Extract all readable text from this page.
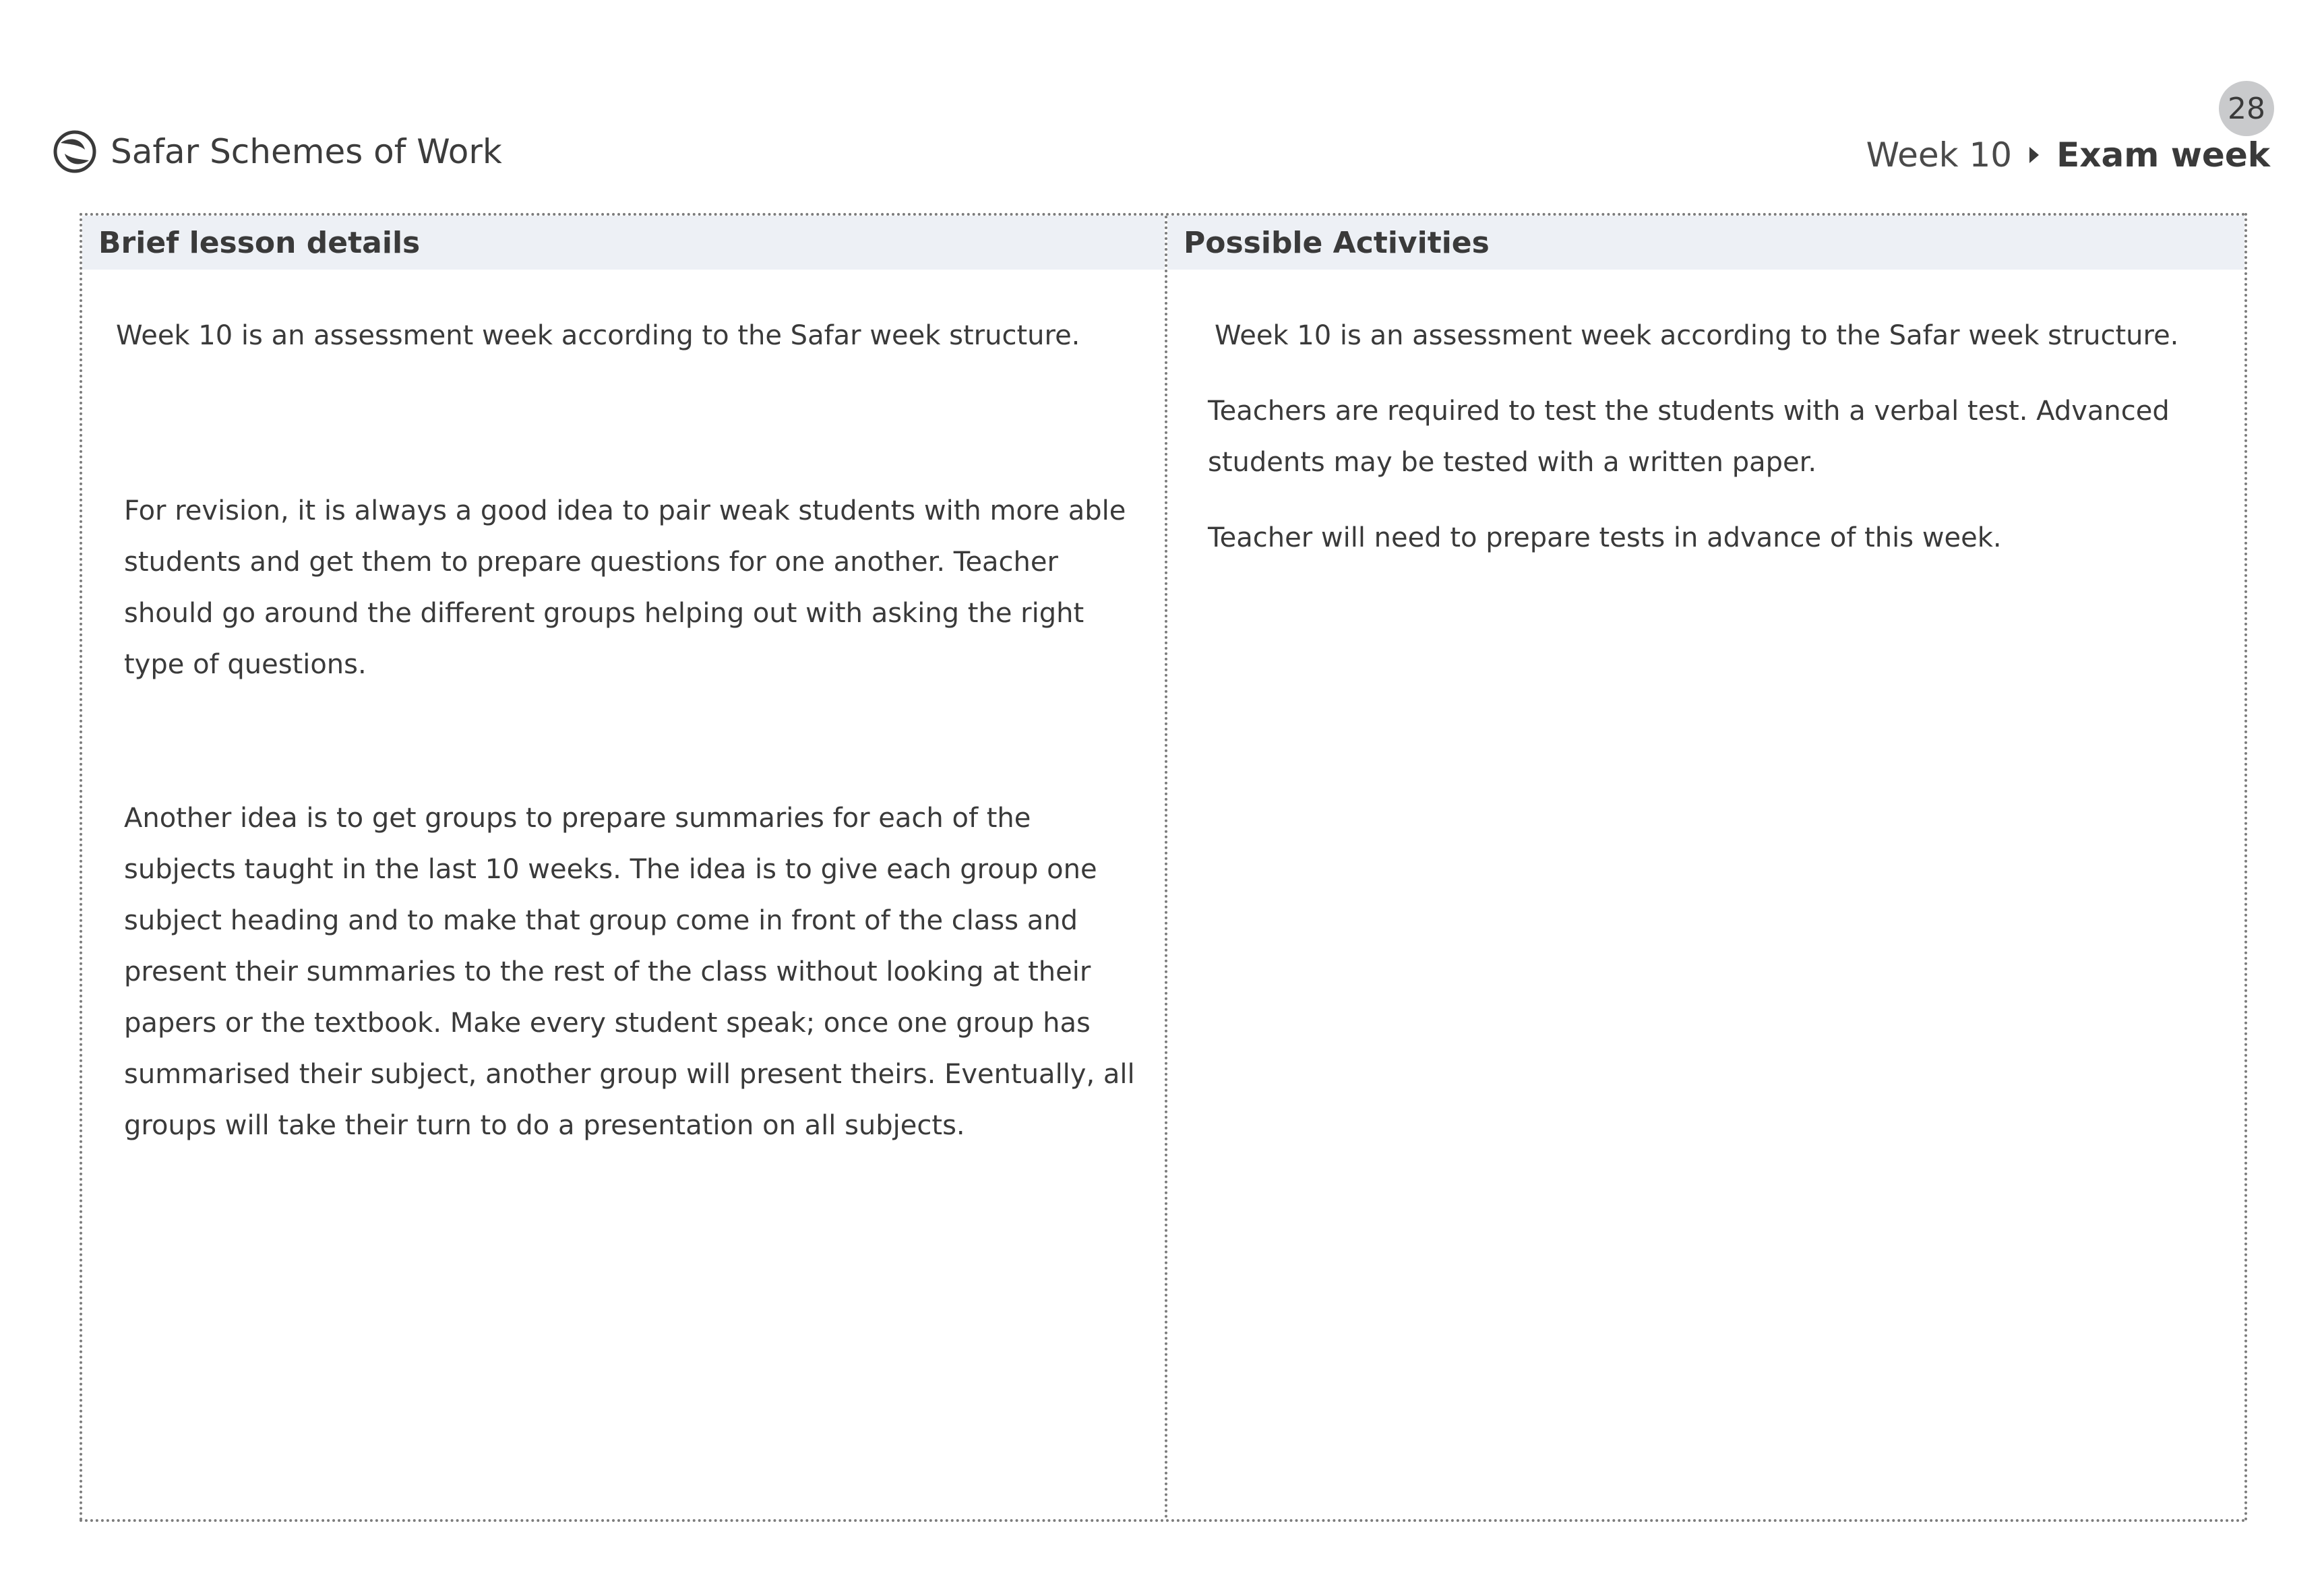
Safar Schemes of Work
28
Week 10 Exam week
Brief lesson details

Week 10 is an assessment week according to the Safar week structure.

For revision, it is always a good idea to pair weak students with more able students and get them to prepare questions for one another. Teacher should go around the different groups helping out with asking the right type of questions.

Another idea is to get groups to prepare summaries for each of the subjects taught in the last 10 weeks. The idea is to give each group one subject heading and to make that group come in front of the class and present their summaries to the rest of the class without looking at their papers or the textbook. Make every student speak; once one group has summarised their subject, another group will present theirs. Eventually, all groups will take their turn to do a presentation on all subjects.

Possible Activities

Week 10 is an assessment week according to the Safar week structure.

Teachers are required to test the students with a verbal test. Advanced students may be tested with a written paper.

Teacher will need to prepare tests in advance of this week.
